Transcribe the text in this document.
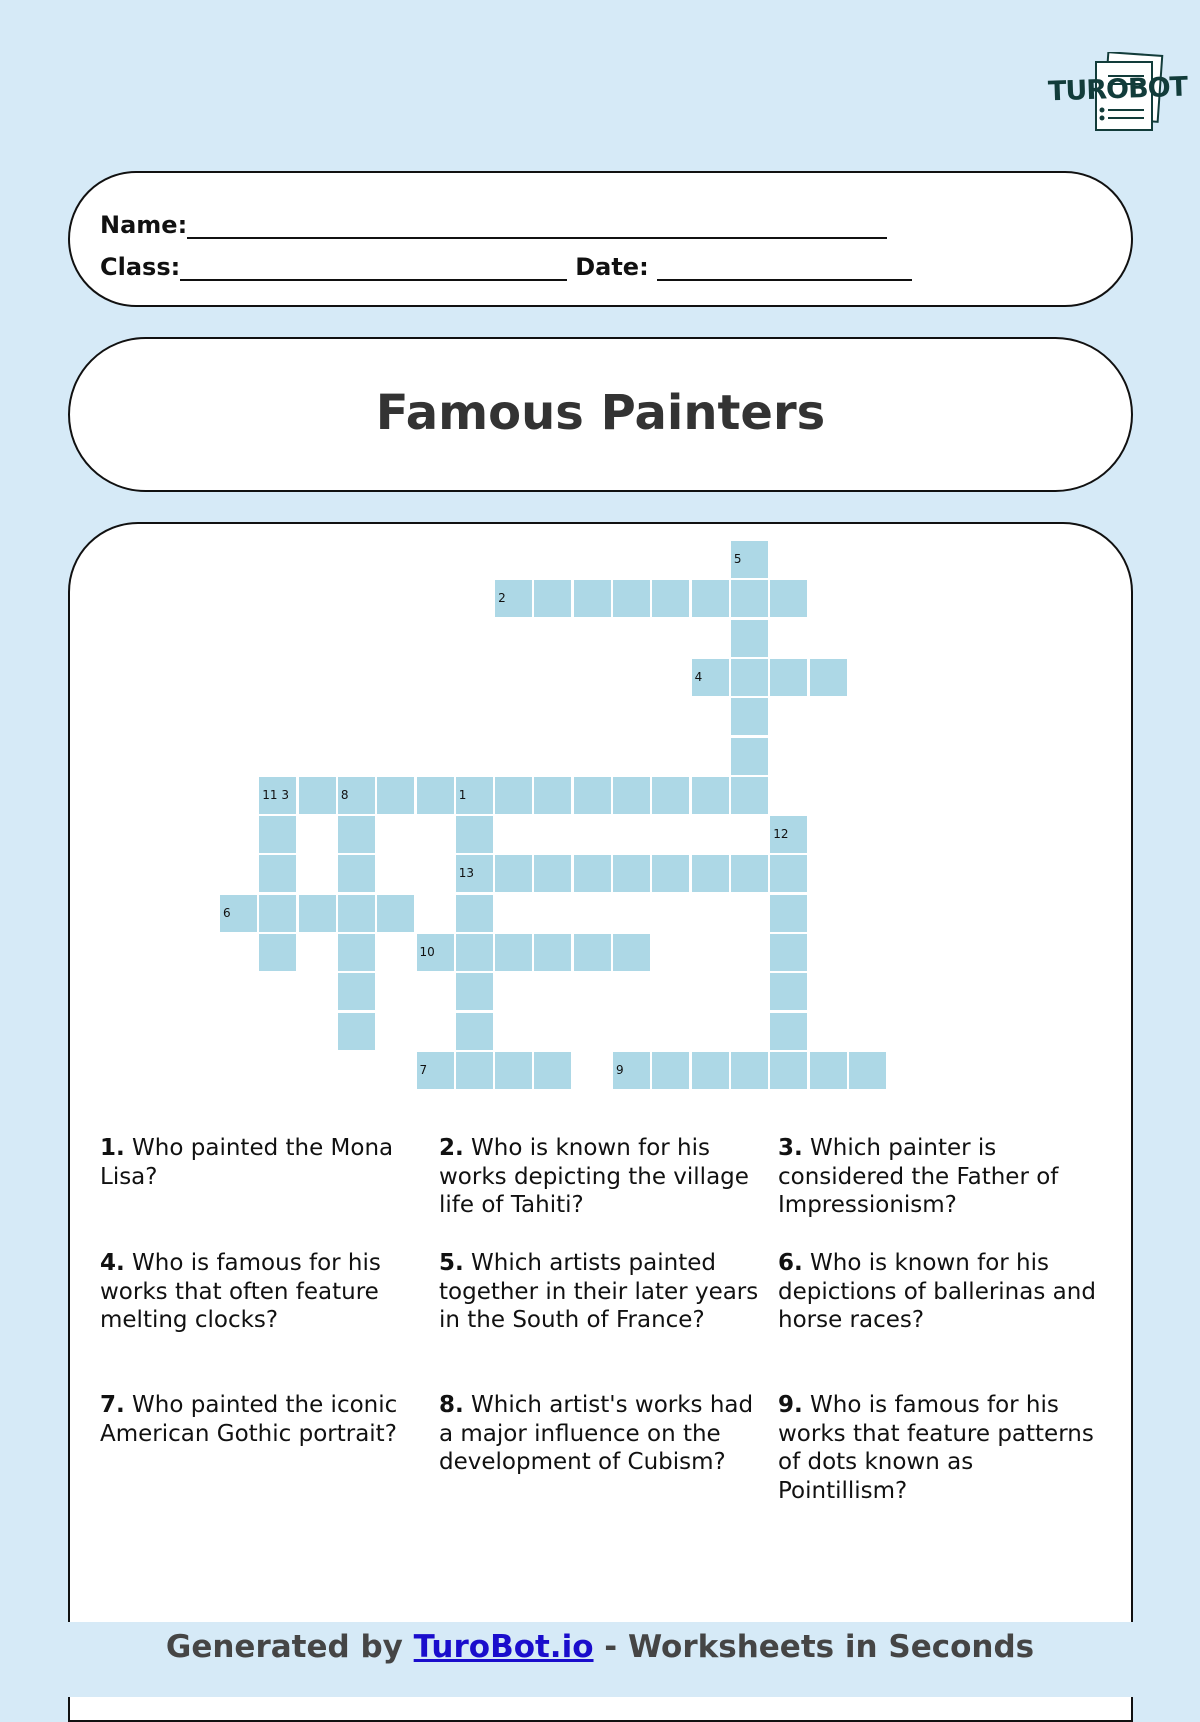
TUROBOT
Name:
Class:	Date:
Famous Painters
5
2
4
11 3	8	1
12
13
6
10
7	9
1. Who painted the Mona Lisa?
2. Who is known for his works depicting the village life of Tahiti?
3. Which painter is considered the Father of Impressionism?
4. Who is famous for his works that often feature melting clocks?
5. Which artists painted together in their later years in the South of France?
6. Who is known for his depictions of ballerinas and horse races?
7. Who painted the iconic American Gothic portrait?
8. Which artist's works had a major influence on the development of Cubism?
9. Who is famous for his works that feature patterns of dots known as Pointillism?
Generated by TuroBot.io - Worksheets in Seconds
